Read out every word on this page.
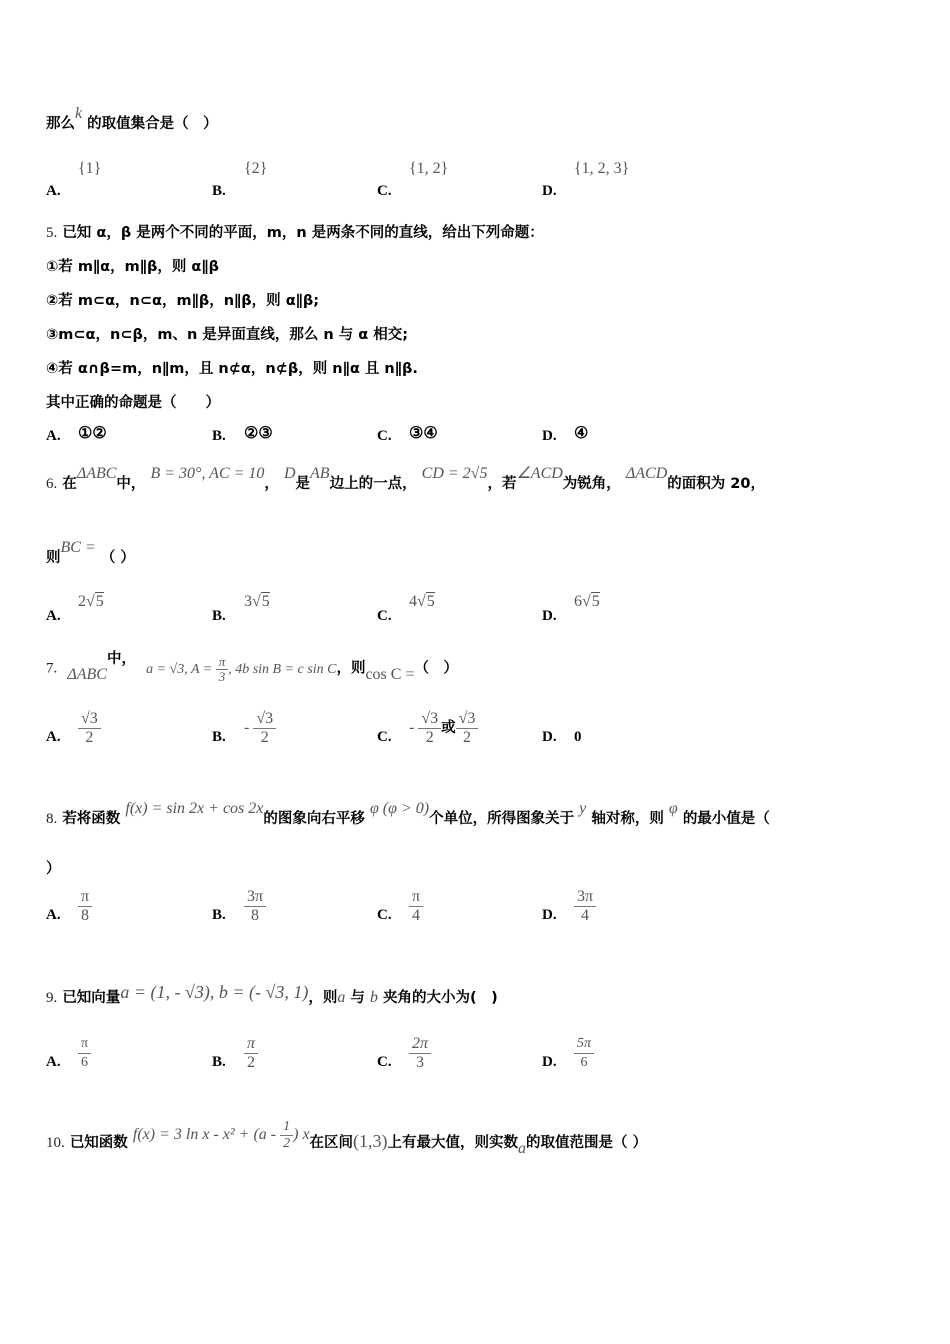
那么k 的取值集合是（　）
A.
{1}
B.
{2}
C.
{1, 2}
D.
{1, 2, 3}
5. 已知 α，β 是两个不同的平面，m，n 是两条不同的直线，给出下列命题：
①若 m∥α，m∥β，则 α∥β
②若 m⊂α，n⊂α，m∥β，n∥β，则 α∥β;
③m⊂α，n⊂β，m、n 是异面直线，那么 n 与 α 相交;
④若 α∩β=m，n∥m，且 n⊄α，n⊄β，则 n∥α 且 n∥β.
其中正确的命题是（　　）
A. ①②	B. ②③	C. ③④	D. ④
6. 在ΔABC中， B = 30°, AC = 10， D是AB边上的一点， CD = 2√5，若∠ACD为锐角， ΔACD的面积为 20，
则BC = （ ）
A.
2√5
B.
3√5
C.
4√5
D.
6√5
7. ΔABC中，  a = √3, $A = \frac{\pi}{3}$ , 4b sin B = c sin C，则cos C =（　）
A. $\frac{√3}{2}$	B.
- $\frac{√3}{2}$	C.
- $\frac{√3}{2}$ 或 $\frac{√3}{2}$	D. 0
8. 若将函数 f(x) = sin 2x + cos 2x的图象向右平移 φ (φ > 0)个单位，所得图象关于 y 轴对称，则 φ 的最小值是（
）
A. $\frac{\pi}{8}$	B. $\frac{3\pi}{8}$	C. $\frac{\pi}{4}$	D. $\frac{3\pi}{4}$
9. 已知向量a = (1, - √3), b = (- √3, 1)，则a 与 b 夹角的大小为(　)
A. $\frac{\pi}{6}$	B. $\frac{\pi}{2}$	C. $\frac{2\pi}{3}$	D. $\frac{5\pi}{6}$
10. 已知函数 f(x) = 3 $\ln x - x^2 + (a - \frac{1}{2}$ ) x在区间(1,3)上有最大值，则实数a的取值范围是（ ）
